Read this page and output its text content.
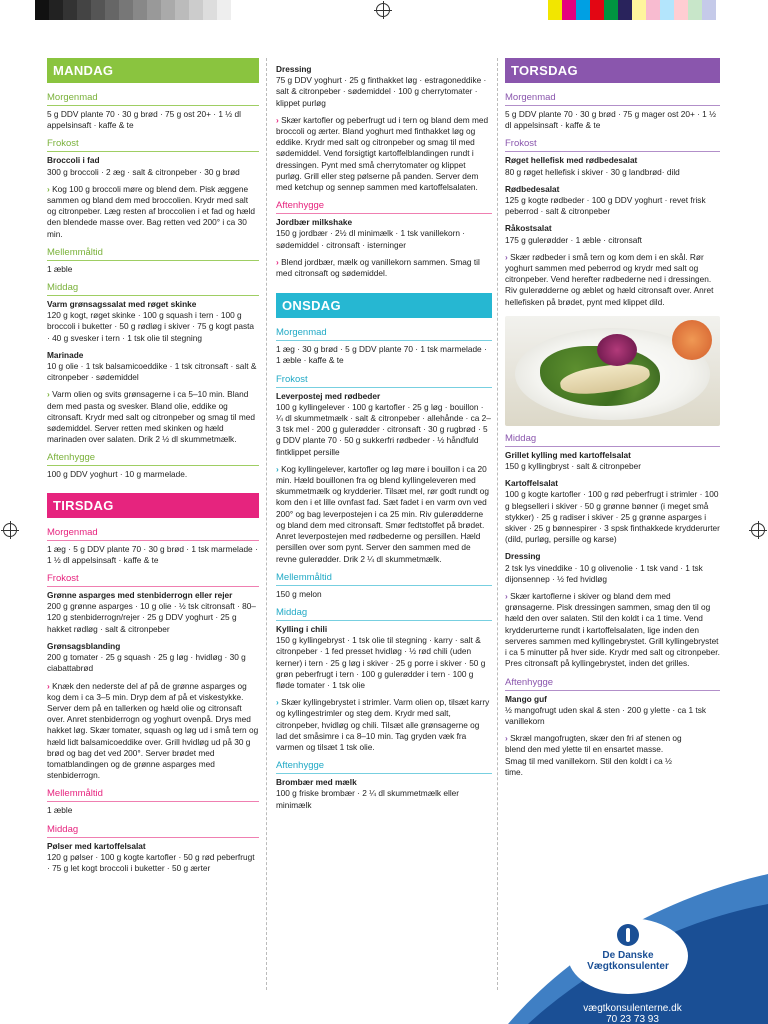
MANDAG
Morgenmad
5 g DDV plante 70 · 30 g brød · 75 g ost 20+ · 1 ½ dl appelsinsaft · kaffe & te
Frokost
Broccoli i fad
300 g broccoli · 2 æg · salt & citronpeber · 30 g brød
› Kog 100 g broccoli møre og blend dem. Pisk æggene sammen og bland dem med broccolien. Krydr med salt og citronpeber. Læg resten af broccolien i et fad og hæld den blendede masse over. Bag retten ved 200° i ca 30 min.
Mellemmåltid
1 æble
Middag
Varm grønsagssalat med røget skinke
120 g kogt, røget skinke · 100 g squash i tern · 100 g broccoli i buketter · 50 g rødløg i skiver · 75 g kogt pasta · 40 g svesker i tern · 1 tsk olie til stegning
Marinade
10 g olie · 1 tsk balsamicoeddike · 1 tsk citronsaft · salt & citronpeber · sødemiddel
› Varm olien og svits grønsagerne i ca 5–10 min. Bland dem med pasta og svesker. Bland olie, eddike og citronsaft. Krydr med salt og citronpeber og smag til med sødemiddel. Server retten med skinken og hæld marinaden over salaten. Drik 2 ½ dl skummetmælk.
Aftenhygge
100 g DDV yoghurt · 10 g marmelade.
TIRSDAG
Morgenmad
1 æg · 5 g DDV plante 70 · 30 g brød · 1 tsk marmelade · 1 ½ dl appelsinsaft · kaffe & te
Frokost
Grønne asparges med stenbiderrogn eller rejer
200 g grønne asparges · 10 g olie · ½ tsk citronsaft · 80–120 g stenbiderrogn/rejer · 25 g DDV yoghurt · 25 g hakket rødløg · salt & citronpeber
Grønsagsblanding
200 g tomater · 25 g squash · 25 g løg · hvidløg · 30 g ciabattabrød
› Knæk den nederste del af på de grønne asparges og kog dem i ca 3–5 min. Dryp dem af på et viskestykke. Server dem på en tallerken og hæld olie og citronsaft over. Anret stenbiderrogn og yoghurt ovenpå. Drys med hakket løg. Skær tomater, squash og løg ud i små tern og hæld lidt balsamicoeddike over. Grill hvidløg ud på 30 g brød og bag det ved 200°. Server brødet med tomatblandingen og de grønne asparges med stenbiderrogn.
Mellemmåltid
1 æble
Middag
Pølser med kartoffelsalat
120 g pølser · 100 g kogte kartofler · 50 g rød peberfrugt · 75 g let kogt broccoli i buketter · 50 g ærter
Dressing
75 g DDV yoghurt · 25 g finthakket løg · estragoneddike · salt & citronpeber · sødemiddel · 100 g cherrytomater · klippet purløg
› Skær kartofler og peberfrugt ud i tern og bland dem med broccoli og ærter. Bland yoghurt med finthakket løg og eddike. Krydr med salt og citronpeber og smag til med sødemiddel. Vend forsigtigt kartoffelblandingen rundt i dressingen. Pynt med små cherrytomater og klippet purløg. Grill eller steg pølserne på panden. Server dem med ketchup og sennep sammen med kartoffelsalaten.
Aftenhygge
Jordbær milkshake
150 g jordbær · 2½ dl minimælk · 1 tsk vanillekorn · sødemiddel · citronsaft · isterninger
› Blend jordbær, mælk og vanillekorn sammen. Smag til med citronsaft og sødemiddel.
ONSDAG
Morgenmad
1 æg · 30 g brød · 5 g DDV plante 70 · 1 tsk marmelade · 1 æble · kaffe & te
Frokost
Leverpostej med rødbeder
100 g kyllingelever · 100 g kartofler · 25 g løg · bouillon · ¼ dl skummetmælk · salt & citronpeber · allehånde · ca 2–3 tsk mel · 200 g gulerødder · citronsaft · 30 g rugbrød · 5 g DDV plante 70 · 50 g sukkerfri rødbeder · ½ håndfuld fintklippet persille
› Kog kyllingelever, kartofler og løg møre i bouillon i ca 20 min. Hæld bouillonen fra og blend kyllingeleveren med skummetmælk og krydderier. Tilsæt mel, rør godt rundt og kom den i et lille ovnfast fad. Sæt fadet i en varm ovn ved 200° og bag leverpostejen i ca 25 min. Riv gulerødderne og bland dem med citronsaft. Smør fedtstoffet på brødet. Anret leverpostejen med rødbederne og persillen. Hæld persillen over som pynt. Server den sammen med de revne gulerødder. Drik 2 ¼ dl skummetmælk.
Mellemmåltid
150 g melon
Middag
Kylling i chili
150 g kyllingebryst · 1 tsk olie til stegning · karry · salt & citronpeber · 1 fed presset hvidløg · ½ rød chili (uden kerner) i tern · 25 g løg i skiver · 25 g porre i skiver · 50 g grøn peberfrugt i tern · 100 g gulerødder i tern · 100 g fløde tomater · 1 tsk olie
› Skær kyllingebrystet i strimler. Varm olien op, tilsæt karry og kyllingestrimler og steg dem. Krydr med salt, citronpeber, hvidløg og chili. Tilsæt alle grønsagerne og lad det småsimre i ca 8–10 min. Tag gryden væk fra varmen og tilsæt 1 tsk olie.
Aftenhygge
Brombær med mælk
100 g friske brombær · 2 ¼ dl skummetmælk eller minimælk
TORSDAG
Morgenmad
5 g DDV plante 70 · 30 g brød · 75 g mager ost 20+ · 1 ½ dl appelsinsaft · kaffe & te
Frokost
Røget hellefisk med rødbedesalat
80 g røget hellefisk i skiver · 30 g landbrød· dild
Rødbedesalat
125 g kogte rødbeder · 100 g DDV yoghurt · revet frisk peberrod · salt & citronpeber
Råkostsalat
175 g gulerødder · 1 æble · citronsaft
› Skær rødbeder i små tern og kom dem i en skål. Rør yoghurt sammen med peberrod og krydr med salt og citronpeber. Vend herefter rødbederne ned i dressingen. Riv gulerødderne og æblet og hæld citronsaft over. Anret hellefisken på brødet, pynt med klippet dild.
Middag
Grillet kylling med kartoffelsalat
150 g kyllingbryst · salt & citronpeber
Kartoffelsalat
100 g kogte kartofler · 100 g rød peberfrugt i strimler · 100 g blegselleri i skiver · 50 g grønne bønner (i meget små stykker) · 25 g radiser i skiver · 25 g grønne asparges i skiver · 25 g bønnespirer · 3 spsk finthakkede krydderurter (dild, purløg, persille og karse)
Dressing
2 tsk lys vineddike · 10 g olivenolie · 1 tsk vand · 1 tsk dijonsennep · ½ fed hvidløg
› Skær kartoflerne i skiver og bland dem med grønsagerne. Pisk dressingen sammen, smag den til og hæld den over salaten. Stil den koldt i ca 1 time. Vend krydderurterne rundt i kartoffelsalaten, lige inden den serveres sammen med kyllingebrystet. Grill kyllingebrystet i ca 5 minutter på hver side. Krydr med salt og citronpeber. Pres citronsaft på kyllingebrystet, inden det grilles.
Aftenhygge
Mango guf
½ mangofrugt uden skal & sten · 200 g ylette · ca 1 tsk vanillekorn
› Skræl mangofrugten, skær den fri af stenen og blend den med ylette til en ensartet masse. Smag til med vanillekorn. Stil den koldt i ca ½ time.
De Danske
Vægtkonsulenter
vægtkonsulenterne.dk
70 23 73 93
